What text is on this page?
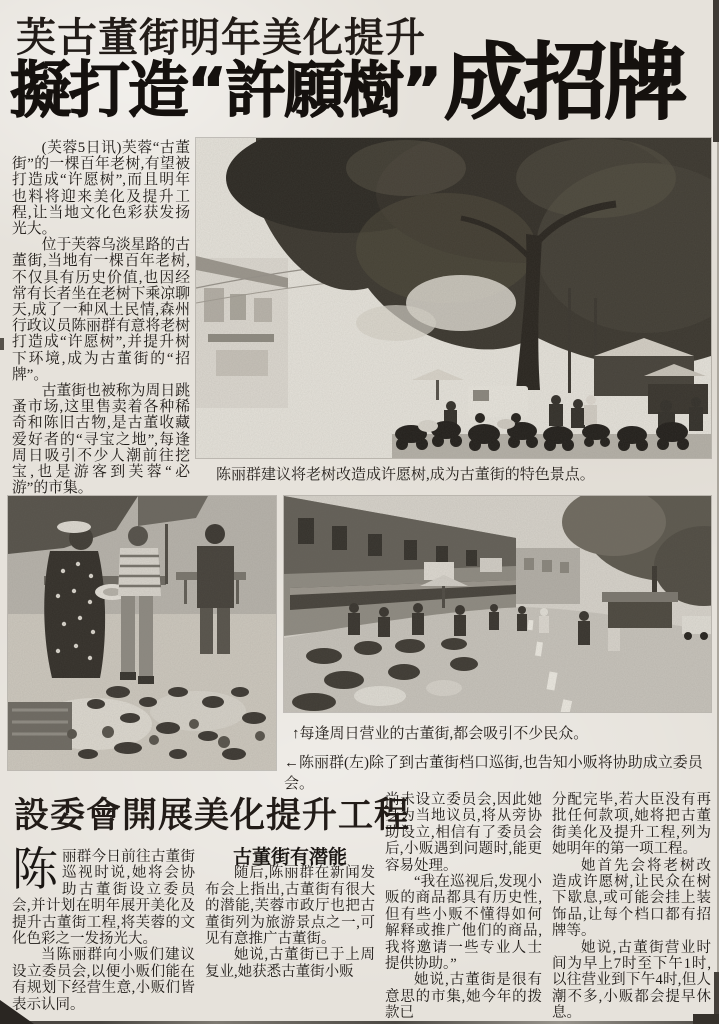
芙古董街明年美化提升
擬打造“許願樹” 成招牌

(芙蓉5日讯)芙蓉“古董街”的一棵百年老树,有望被打造成“许愿树”,而且明年也料将迎来美化及提升工程,让当地文化色彩获发扬光大。

位于芙蓉乌淡星路的古董街,当地有一棵百年老树,不仅具有历史价值,也因经常有长者坐在老树下乘凉聊天,成了一种风土民情,森州行政议员陈丽群有意将老树打造成“许愿树”,并提升树下环境,成为古董街的“招牌”。

古董街也被称为周日跳蚤市场,这里售卖着各种稀奇和陈旧古物,是古董收藏爱好者的“寻宝之地”,每逢周日吸引不少人潮前往挖宝,也是游客到芙蓉“必游”的市集。

陈丽群建议将老树改造成许愿树,成为古董街的特色景点。
↑每逢周日营业的古董街,都会吸引不少民众。
←陈丽群(左)除了到古董街档口巡街,也告知小贩将协助成立委员会。
設委會開展美化提升工程

陈丽群今日前往古董街巡视时说,她将会协助古董街设立委员会,并计划在明年展开美化及提升古董街工程,将芙蓉的文化色彩之一发扬光大。

当陈丽群向小贩们建议设立委员会,以便小贩们能在有规划下经营生意,小贩们皆表示认同。

古董街有潜能

随后,陈丽群在新闻发布会上指出,古董街有很大的潜能,芙蓉市政厅也把古董街列为旅游景点之一,可见有意推广古董街。

她说,古董街已于上周复业,她获悉古董街小贩

尚未设立委员会,因此她身为当地议员,将从旁协助设立,相信有了委员会后,小贩遇到问题时,能更容易处理。

“我在巡视后,发现小贩的商品都具有历史性,但有些小贩不懂得如何解释或推广他们的商品,我将邀请一些专业人士提供协助。”

她说,古董街是很有意思的市集,她今年的拨款已

分配完毕,若大臣没有再批任何款项,她将把古董街美化及提升工程,列为她明年的第一项工程。

她首先会将老树改造成许愿树,让民众在树下歇息,或可能会挂上装饰品,让每个档口都有招牌等。

她说,古董街营业时间为早上7时至下午1时,以往营业到下午4时,但人潮不多,小贩都会提早休息。
